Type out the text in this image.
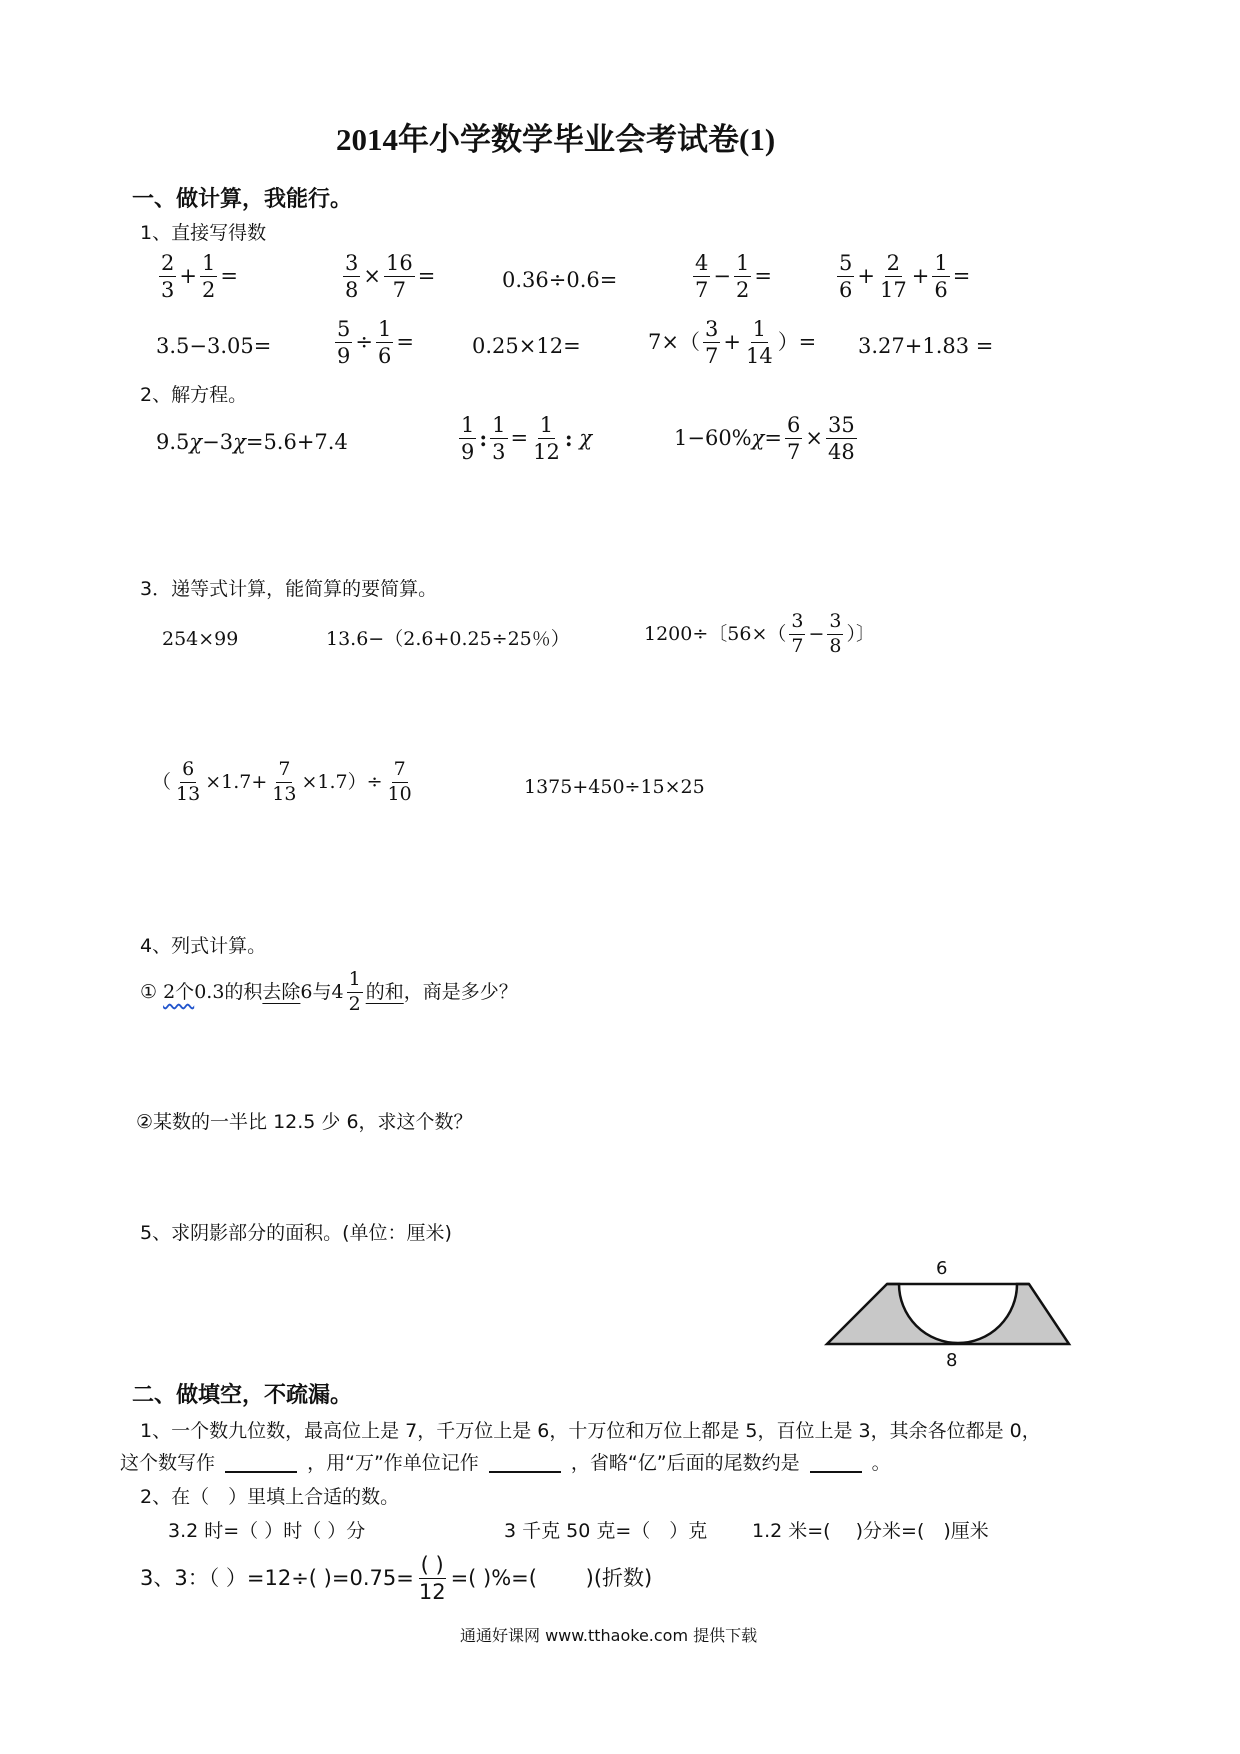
2014年小学数学毕业会考试卷(1)
一、做计算，我能行。
1、直接写得数
$\frac{2}{3} + \frac{1}{2}$ =	$\frac{3}{8} \times \frac{16}{7}$ =	0.36÷0.6=	$\frac{4}{7} - \frac{1}{2}$ =	$\frac{5}{6} + \frac{2}{17} + \frac{1}{6}$ =
3.5−3.05=	$\frac{5}{9} \div \frac{1}{6}$ =	0.25×12=	$7\times( \frac{3}{7} + \frac{1}{14}$ ）= 3.27+1.83 =
2、解方程。
9.5 χ −3 χ =5.6+7.4	$\frac{1}{9}$ : $\frac{1}{3} = \frac{1}{12}$ :
χ	1−60% $\chi = \frac{6}{7} \times \frac{35}{48}$
3．递等式计算，能简算的要简算。
254×99	13.6−（2.6+0.25÷25％）	1200÷〔$56\times( \frac{3}{7} - \frac{3}{8}$ ）〕
（ $\frac{6}{13} \times 1.7+ \frac{7}{13} \times 1.7)\div \frac{7}{10}$	1375+450÷15×25
4、列式计算。
①
2个 0.3的积 去除 6与$4 \frac{1}{2}$ 的和 ，商是多少？
②某数的一半比 12.5 少 6，求这个数？
5、求阴影部分的面积。(单位：厘米)
6
8
二、做填空，不疏漏。
1、一个数九位数，最高位上是 7，千万位上是 6，十万位和万位上都是 5，百位上是 3，其余各位都是 0，
这个数写作	，用“万”作单位记作	，省略“亿”后面的尾数约是	。
2、在（　）里填上合适的数。
3.2 时=（ ）时（ ）分	3 千克 50 克=（　）克 1.2 米=(　 )分米=(　)厘米
3、3：（ ）=12÷( )$=0.75= \frac{( )}{12}$ =( )%=(　　 )(折数)
通通好课网 www.tthaoke.com 提供下载
